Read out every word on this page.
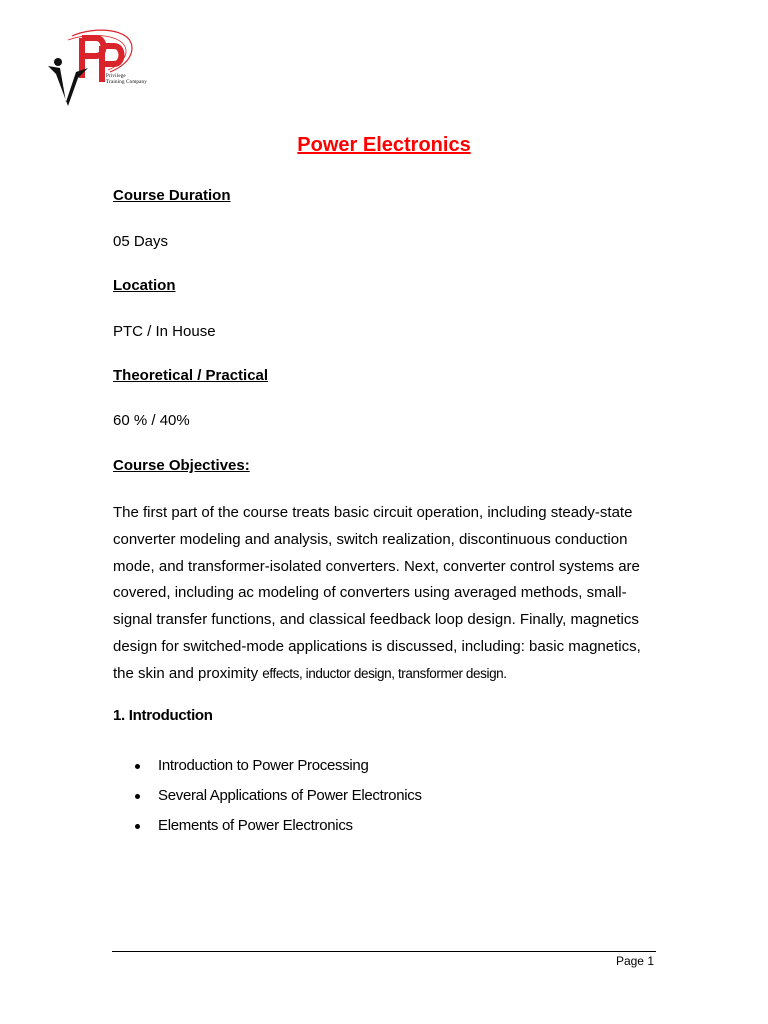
Privilege
Training Company
Power Electronics
Course Duration
05 Days
Location
PTC / In House
Theoretical / Practical
60 % / 40%
Course Objectives:
The first part of the course treats basic circuit operation, including steady-state converter modeling and analysis, switch realization, discontinuous conduction mode, and transformer-isolated converters. Next, converter control systems are covered, including ac modeling of converters using averaged methods, small-signal transfer functions, and classical feedback loop design. Finally, magnetics design for switched-mode applications is discussed, including: basic magnetics, the skin and proximity effects, inductor design, transformer design.
1. Introduction
Introduction to Power Processing
Several Applications of Power Electronics
Elements of Power Electronics
Page 1
